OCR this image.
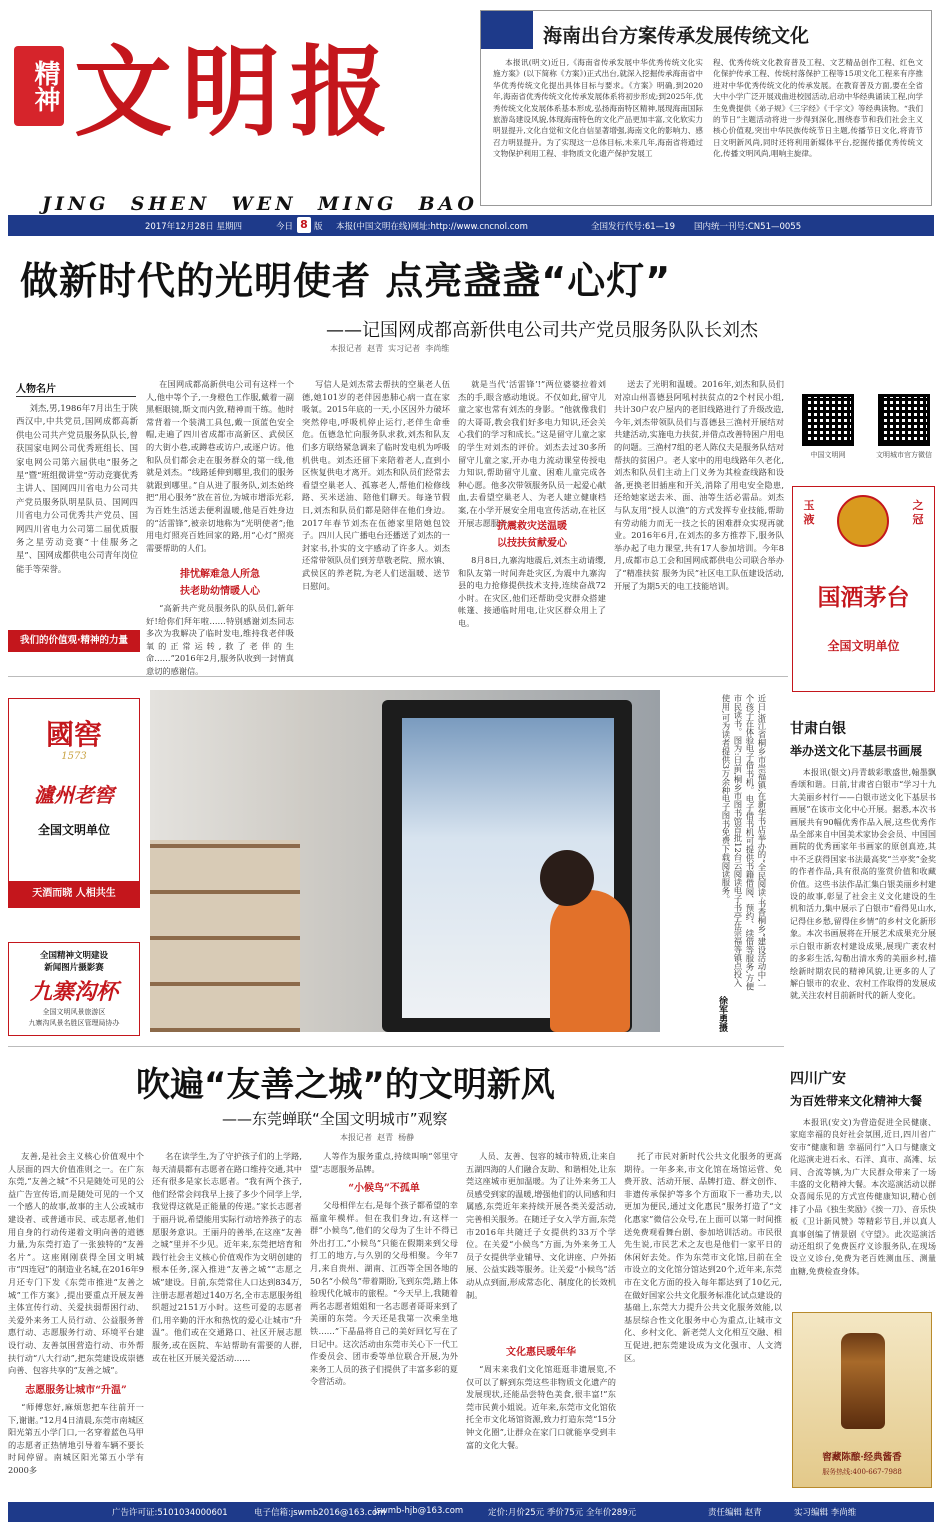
精神 文明报
JING  SHEN  WEN  MING  BAO
海南出台方案传承发展传统文化
本报讯(明文)近日,《海南省传承发展中华优秀传统文化实施方案》(以下简称《方案》)正式出台,就深入挖掘传承海南省中华优秀传统文化提出具体目标与要求。《方案》明确,到2020年,海南省优秀传统文化传承发展体系将初步形成;到2025年,优秀传统文化发展体系基本形成,弘扬海南特区精神,展现海南国际旅游岛建设风貌,体现海南特色的文化产品更加丰富,文化软实力明显提升,文化自觉和文化自信显著增强,海南文化的影响力、感召力明显提升。为了实现这一总体目标,未来几年,海南省将通过文物保护利用工程、非物质文化遗产保护发展工
程、优秀传统文化教育普及工程、文艺精品创作工程、红色文化保护传承工程、传统村落保护工程等15项文化工程来有序推进对中华优秀传统文化的传承发展。在教育普及方面,要在全省大中小学广泛开展戏曲进校园活动,启动中华经典诵读工程,向学生免费提供《弟子规》《三字经》《千字文》等经典读物。“我们的节日”主题活动将进一步得到深化,围绕春节和我们社会主义核心价值观,突出中华民族传统节日主题,传播节日文化,将青节日文明新风尚,同时还将利用新媒体平台,挖掘传播优秀传统文化,传播文明风尚,唱响主旋律。
2017年12月28日 星期四	今日 8 版 本报(中国文明在线)网址:http://www.cncnol.com	全国发行代号:61—19 国内统一刊号:CN51—0055
做新时代的光明使者 点亮盏盏“心灯”
——记国网成都高新供电公司共产党员服务队队长刘杰
本报记者  赵青  实习记者  李尚维
人物名片
刘杰,男,1986年7月出生于陕西汉中,中共党员,国网成都高新供电公司共产党员服务队队长,曾获国家电网公司优秀班组长、国家电网公司第六届供电“服务之星”暨“班组微讲堂”劳动竞赛优秀主讲人、国网四川省电力公司共产党员服务队明星队员、国网四川省电力公司优秀共产党员、国网四川省电力公司第二届优质服务之星劳动竞赛“十佳服务之星”、国网成都供电公司青年岗位能手等荣誉。
我们的价值观·精神的力量
在国网成都高新供电公司有这样一个人,他中等个子,一身橙色工作服,戴着一副黑框眼镜,斯文而内敛,精神而干练。他时常背着一个装满工具包,戴一顶蓝色安全帽,走遍了四川省成都市高新区、武侯区的大街小巷,或蹲巷或访户,或逐户访。他和队员们都会走在服务群众的第一线,他就是刘杰。“线路延伸到哪里,我们的服务就跟到哪里。”自从进了服务队,刘杰始终把“用心服务”放在首位,为城市增添光彩,为百姓生活送去便利温暖,他是百姓身边的“活雷锋”,被亲切地称为“光明使者”;他用电灯照亮百姓回家的路,用“心灯”照亮需要帮助的人们。
排忧解难急人所急
扶老助幼情暖人心
“高新共产党员服务队的队员们,新年好!给你们拜年啦……特别感谢刘杰同志多次为我解决了临时发电,维持我老伴吸氧的正常运转,救了老伴的生命……”2016年2月,服务队收到一封情真意切的感谢信。
写信人是刘杰常去帮扶的空巢老人伍德,她101岁的老伴因患肺心病一直在家吸氧。2015年底的一天,小区因外力破坏突然停电,呼吸机停止运行,老伴生命垂危。伍德急忙向服务队求救,刘杰和队友们多方联络紧急调来了临时发电机为呼吸机供电。刘杰还留下来陪着老人,直到小区恢复供电才离开。刘杰和队员们经常去看望空巢老人、孤寡老人,帮他们检修线路、买米送油、陪他们聊天。每逢节假日,刘杰和队员们都是陪伴在他们身边。2017年春节刘杰在伍德家里陪她包饺子。四川人民广播电台还播送了刘杰的一封家书,扑实的文字感动了许多人。刘杰还常带领队员们到芳草敬老院、照水镇、武侯区的养老院,为老人们送温暖、送节日慰问。
就是当代‘活雷锋’!”两位婆婆拉着刘杰的手,眼含感动地说。不仅如此,留守儿童之家也常有刘杰的身影。“他就像我们的大哥哥,教会我们好多电力知识,还会关心我们的学习和成长。”这是留守儿童之家的学生对刘杰的评价。刘杰去过30多所留守儿童之家,开办电力流动课堂传授电力知识,帮助留守儿童、困难儿童完成各种心愿。他多次带领服务队员一起爱心献血,去看望空巢老人、为老人建立健康档案,在小学开展安全用电宣传活动,在社区开展志愿服务。
抗震救灾送温暖
以技扶贫献爱心
8月8日,九寨沟地震后,刘杰主动请缨,和队友第一时间奔赴灾区,为震中九寨沟县的电力抢修提供技术支持,连续奋战72小时。在灾区,他们还帮助受灾群众搭建帐篷、接通临时用电,让灾区群众用上了电。
送去了光明和温暖。2016年,刘杰和队员们对凉山州喜德县阿吼村扶贫点的2个村民小组,共计30户农户屋内的老旧线路进行了升级改造,今年,刘杰带领队员们与喜德县三渔村开展结对共建活动,实施电力扶贫,并借点改善特困户用电的问题。三渔村7组的老人陈仪夫是服务队结对帮扶的贫困户。老人家中的用电线路年久老化,刘杰和队员们主动上门义务为其检查线路和设备,更换老旧插座和开关,消除了用电安全隐患,还给她家送去米、面、油等生活必需品。刘杰与队友用“授人以渔”的方式发挥专业技能,帮助有劳动能力而无一技之长的困难群众实现再就业。2016年6月,在刘杰的多方推荐下,服务队举办起了电力课堂,共有17人参加培训。今年8月,成都市总工会和国网成都供电公司联合举办了“精准扶贫 服务为民”社区电工队伍建设活动,开展了为期5天的电工技能培训。
中国文明网	文明城市官方微信
玉液
之冠
国酒茅台
全国文明单位
國窖
1573
瀘州老窖
全国文明单位
天酒而晓 人相共生
全国精神文明建设
新闻图片摄影赛
九寨沟杯
全国文明风景旅游区
九寨沟风景名胜区管理局协办
近日,浙江省桐乡市崇福镇,在新华书店举办的“全民阅读·书香桐乡”建设活动中,一个孩子在体验电子借书机。电子借书机可提供书籍借阅、预约、续借等服务,方便市民读书。图为:日前,桐乡市图书馆首批12台云阅读电子书亭在崇福等镇点投入使用,可为读者提供3万余种电子图书免费下载阅读服务。
徐军勇摄
甘肃白银
举办送文化下基层书画展
本报讯(银文)丹青载彩歌盛世,翰墨飘香颂和谐。日前,甘肃省白银市“学习十九大美丽乡村行——白银市送文化下基层书画展”在该市文化中心开展。据悉,本次书画展共有90幅优秀作品入展,这些优秀作品全部来自中国美术家协会会员、中国国画院的优秀画家年书画家的原创真迹,其中不乏获得国家书法最高奖“兰亭奖”金奖的作者作品,具有很高的鉴赏价值和收藏价值。这些书法作品汇集白银美丽乡村建设的故事,彰显了社会主义文化建设的生机和活力,集中展示了白银市“看得见山水,记得住乡愁,留得住乡情”的乡村文化新形象。本次书画展将在开展艺术成果充分展示白银市新农村建设成果,展现广袤农村的多彩生活,勾勒出清水秀的美丽乡村,描绘新时期农民的精神风貌,让更多的人了解白银市的农业、农村工作取得的发展成就,关注农村目前新时代的新人变化。
四川广安
为百姓带来文化精神大餐
本报讯(安文)为营造促进全民健康、家庭幸福的良好社会氛围,近日,四川省广安市“健康和谐 幸福同行”入口与健康文化巡演走进石永、石洋、真市、高滩、坛同、合流等镇,为广大民群众带来了一场丰盛的文化精神大餐。本次巡演活动以群众喜闻乐见的方式宣传健康知识,精心创排了小品《独生奖励》《挨一刀》、音乐快板《卫计新风赞》等精彩节目,并以真人真事创编了情景剧《守望》。此次巡演活动还组织了免费医疗义诊服务队,在现场设立义诊台,免费为老百姓测血压、测量血糖,免费检查身体。
窖藏陈酿·经典酱香
服务热线:400-667-7988
吹遍“友善之城”的文明新风
——东莞蝉联“全国文明城市”观察
本报记者  赵青  杨静
友善,是社会主义核心价值观中个人层面的四大价值准则之一。在广东东莞,“友善之城”不只是随处可见的公益广告宣传语,而是随处可见的一个又一个感人的故事,故事的主人公或城市建设者、或普通市民、或志愿者,他们用自身的行动传递着文明向善的道德力量,为东莞打造了一张独特的“友善名片”。这座刚刚获得全国文明城市“四连冠”的制造业名城,在2016年9月还专门下发《东莞市推进“友善之城”工作方案》,提出要重点开展友善主体宣传行动、关爱扶弱帮困行动、关爱外来务工人员行动、公益服务普惠行动、志愿服务行动、环境平台建设行动、友善氛围营造行动、市外帮扶行动“八大行动”,把东莞建设成崇德向善、包容共享的“友善之城”。
志愿服务让城市“升温”
“师傅您好,麻烦您把车往前开一下,谢谢。”12月4日清晨,东莞市南城区阳光第五小学门口,一名穿着蓝色马甲的志愿者正热情地引导着车辆不要长时间停留。南城区阳光第五小学有2000多
名在读学生,为了守护孩子们的上学路,每天清晨都有志愿者在路口维持交通,其中还有很多是家长志愿者。“我有两个孩子,他们经常会问我早上接了多少个同学上学,我觉得这就是正能量的传递。”家长志愿者于丽丹说,希望能用实际行动培养孩子的志愿服务意识。王丽丹的善举,在这座“友善之城”里并不少见。近年来,东莞把培育和践行社会主义核心价值观作为文明创建的根本任务,深入推进“友善之城”“志愿之城”建设。目前,东莞常住人口达到834万,注册志愿者超过140万名,全市志愿服务组织超过2151万小时。这些可爱的志愿者们,用辛勤的汗水和热忱的爱心让城市“升温”。他们或在交通路口、社区开展志愿服务,或在医院、车站帮助有需要的人群,或在社区开展关爱活动……
人等作为服务重点,持续叫响“邻里守望”志愿服务品牌。
“小候鸟”不孤单
父母相伴左右,是每个孩子都希望的幸福童年模样。但在我们身边,有这样一群“小候鸟”,他们的父母为了生计不得已外出打工,“小候鸟”只能在假期来到父母打工的地方,与久别的父母相聚。今年7月,来自贵州、湖南、江西等全国各地的50名“小候鸟”带着期盼,飞到东莞,踏上体验现代化城市的旅程。“今天早上,我随着两名志愿者姐姐和一名志愿者哥哥来到了美丽的东莞。今天还是我第一次乘坐地铁……”下晶晶将自己的美好回忆写在了日记中。这次活动由东莞市关心下一代工作委员会、团市委等单位联合开展,为外来务工人员的孩子们提供了丰富多彩的夏令营活动。
人员、友善、包容的城市特质,让来自五湖四海的人们融合友助、和谐相处,让东莞这座城市更加温暖。为了让外来务工人员感受到家的温暖,增强他们的认同感和归属感,东莞近年来持续开展各类关爱活动,完善相关服务。在随迁子女入学方面,东莞市2016年共随迁子女提供约33万个学位。在关爱“小候鸟”方面,为外来务工人员子女提供学业辅导、文化讲座、户外拓展、公益实践等服务。让关爱“小候鸟”活动从点到面,形成常态化、制度化的长效机制。
文化惠民暖年华
“周末来我们文化馆逛逛非遗展览,不仅可以了解到东莞这些非物质文化遗产的发展现状,还能品尝特色美食,很丰富!”东莞市民黄小姐说。近年来,东莞市文化馆依托全市文化场馆资源,致力打造东莞“15分钟文化圈”,让群众在家门口就能享受到丰富的文化大餐。
托了市民对新时代公共文化服务的更高期待。一年多来,市文化馆在场馆运营、免费开放、活动开展、品牌打造、群文创作、非遗传承保护等多个方面取下一番功夫,以更加为便民,通过文化惠民”服务打造了“文化惠家”微信公众号,在上面可以第一时间推送免费观看舞台剧、参加培训活动。市民很先生说,市民艺术之友也是他们一家平日的休闲好去处。作为东莞市文化馆,目前在全市设立的文化馆分馆达到20个,近年来,东莞市在文化方面的投入每年都达到了10亿元,在做好国家公共文化服务标准化试点建设的基础上,东莞大力提升公共文化服务效能,以基层综合性文化服务中心为重点,让城市文化、乡村文化、新老莞人文化相互交融、相互促进,把东莞建设成为文化强市、人文湾区。
广告许可证:5101034000601	电子信箱:jswmb2016@163.com
jswmb-hjb@163.com	定价:月价25元 季价75元 全年价289元	责任编辑 赵青	实习编辑 李尚维
